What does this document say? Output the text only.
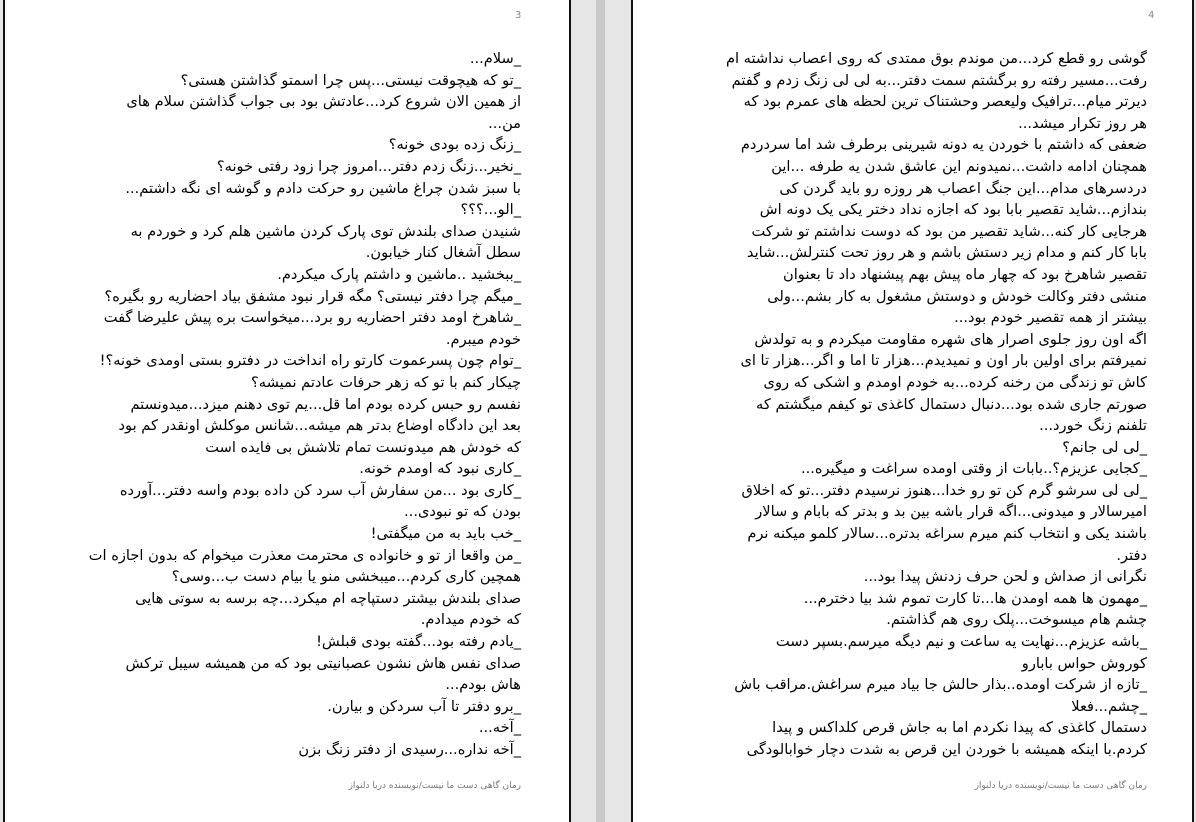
3
_سلام...
_تو که هیچوقت نیستی...پس چرا اسمتو گذاشتن هستی؟
از همین الان شروع کرد...عادتش بود بی جواب گذاشتن سلام های
من...
_زنگ زده بودی خونه؟
_نخیر...زنگ زدم دفتر...امروز چرا زود رفتی خونه؟
با سبز شدن چراغ ماشین رو حرکت دادم و گوشه ای نگه داشتم...
_الو...؟؟؟
شنیدن صدای بلندش توی پارک کردن ماشین هلم کرد و خوردم به
سطل آشغال کنار خیابون.
_ببخشید ..ماشین و داشتم پارک میکردم.
_میگم چرا دفتر نیستی؟ مگه قرار نبود مشفق بیاد احضاریه رو بگیره؟
_شاهرخ اومد دفتر احضاریه رو برد...میخواست بره پیش علیرضا گفت
خودم میبرم.
_توام چون پسرعموت کارتو راه انداخت در دفترو بستی اومدی خونه؟!
چیکار کنم با تو که زهر حرفات عادتم نمیشه؟
نفسم رو حبس کرده بودم اما قل...یم توی دهنم میزد...میدونستم
بعد این دادگاه اوضاع بدتر هم میشه...شانس موکلش اونقدر کم بود
که خودش هم میدونست تمام تلاشش بی فایده است
_کاری نبود که اومدم خونه.
_کاری بود ...من سفارش آب سرد کن داده بودم واسه دفتر...آورده
بودن که تو نبودی...
_خب باید به من میگفتی!
_من واقعا از تو و خانواده ی محترمت معذرت میخوام که بدون اجازه ات
همچین کاری کردم...میبخشی منو یا بیام دست ب...وسی؟
صدای بلندش بیشتر دستپاچه ام میکرد...چه برسه به سوتی هایی
که خودم میدادم.
_یادم رفته بود...گفته بودی قبلش!
صدای نفس هاش نشون عصبانیتی بود که من همیشه سیبل ترکش
هاش بودم...
_برو دفتر تا آب سردکن و بیارن.
_آخه...
_آخه نداره...رسیدی از دفتر زنگ بزن
رمان گاهی دست ما نیست/نویسنده دریا دلنواز
4
گوشی رو قطع کرد...من موندم بوق ممتدی که روی اعصاب نداشته ام
رفت...مسیر رفته رو برگشتم سمت دفتر...به لی لی زنگ زدم و گفتم
دیرتر میام...ترافیک ولیعصر وحشتناک ترین لحظه های عمرم بود که
هر روز تکرار میشد...
ضعفی که داشتم با خوردن یه دونه شیرینی برطرف شد اما سردردم
همچنان ادامه داشت...نمیدونم این عاشق شدن یه طرفه ...این
دردسرهای مدام...این جنگ اعصاب هر روزه رو باید گردن کی
بندازم...شاید تقصیر بابا بود که اجازه نداد دختر یکی یک دونه اش
هرجایی کار کنه...شاید تقصیر من بود که دوست نداشتم تو شرکت
بابا کار کنم و مدام زیر دستش باشم و هر روز تحت کنترلش...شاید
تقصیر شاهرخ بود که چهار ماه پیش بهم پیشنهاد داد تا بعنوان
منشی دفتر وکالت خودش و دوستش مشغول به کار بشم...ولی
بیشتر از همه تقصیر خودم بود...
اگه اون روز جلوی اصرار های شهره مقاومت میکردم و به تولدش
نمیرفتم برای اولین بار اون و نمیدیدم...هزار تا اما و اگر...هزار تا ای
کاش تو زندگی من رخنه کرده...به خودم اومدم و اشکی که روی
صورتم جاری شده بود...دنبال دستمال کاغذی تو کیفم میگشتم که
تلفنم زنگ خورد...
_لی لی جانم؟
_کجایی عزیزم؟..بابات از وقتی اومده سراغت و میگیره...
_لی لی سرشو گرم کن تو رو خدا...هنوز نرسیدم دفتر...تو که اخلاق
امیرسالار و میدونی...اگه قرار باشه بین بد و بدتر که بابام و سالار
باشند یکی و انتخاب کنم میرم سراغه بدتره...سالار کلمو میکنه نرم
دفتر.
نگرانی از صداش و لحن حرف زدنش پیدا بود...
_مهمون ها همه اومدن ها...تا کارت تموم شد بیا دخترم...
چشم هام میسوخت...پلک روی هم گذاشتم.
_باشه عزیزم...نهایت یه ساعت و نیم دیگه میرسم.بسپر دست
کوروش حواس بابارو
_تازه از شرکت اومده..بذار حالش جا بیاد میرم سراغش.مراقب باش
_چشم...فعلا
دستمال کاغذی که پیدا نکردم اما به جاش قرص کلداکس و پیدا
کردم.با اینکه همیشه با خوردن این قرص به شدت دچار خوابالودگی
رمان گاهی دست ما نیست/نویسنده دریا دلنواز
